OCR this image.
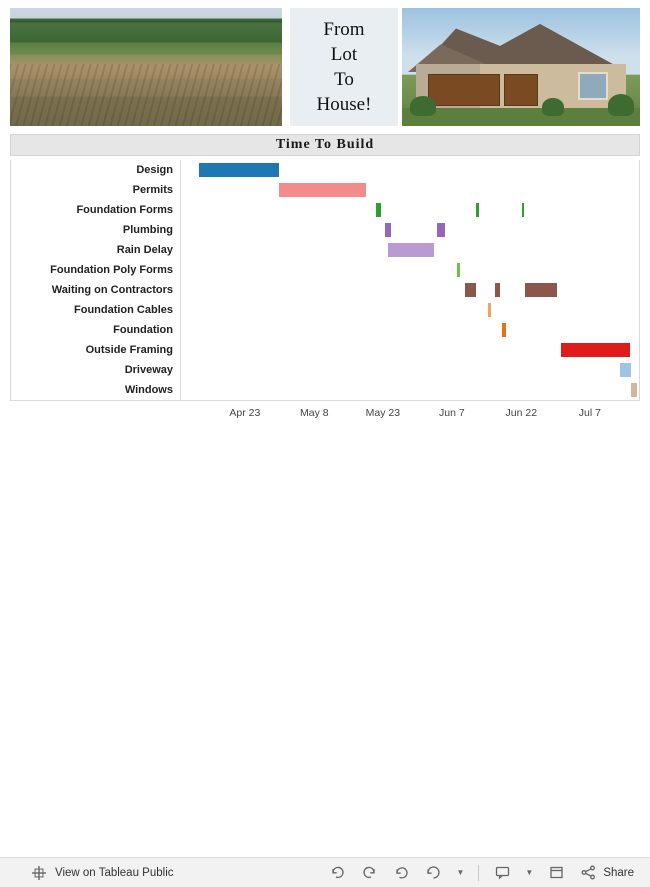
From
Lot
To
House!
Time To Build
Design
Permits
Foundation Forms
Plumbing
Rain Delay
Foundation Poly Forms
Waiting on Contractors
Foundation Cables
Foundation
Outside Framing
Driveway
Windows
Apr 23	May 8	May 23	Jun 7	Jun 22	Jul 7
View on Tableau Public	▼	▼	Share
